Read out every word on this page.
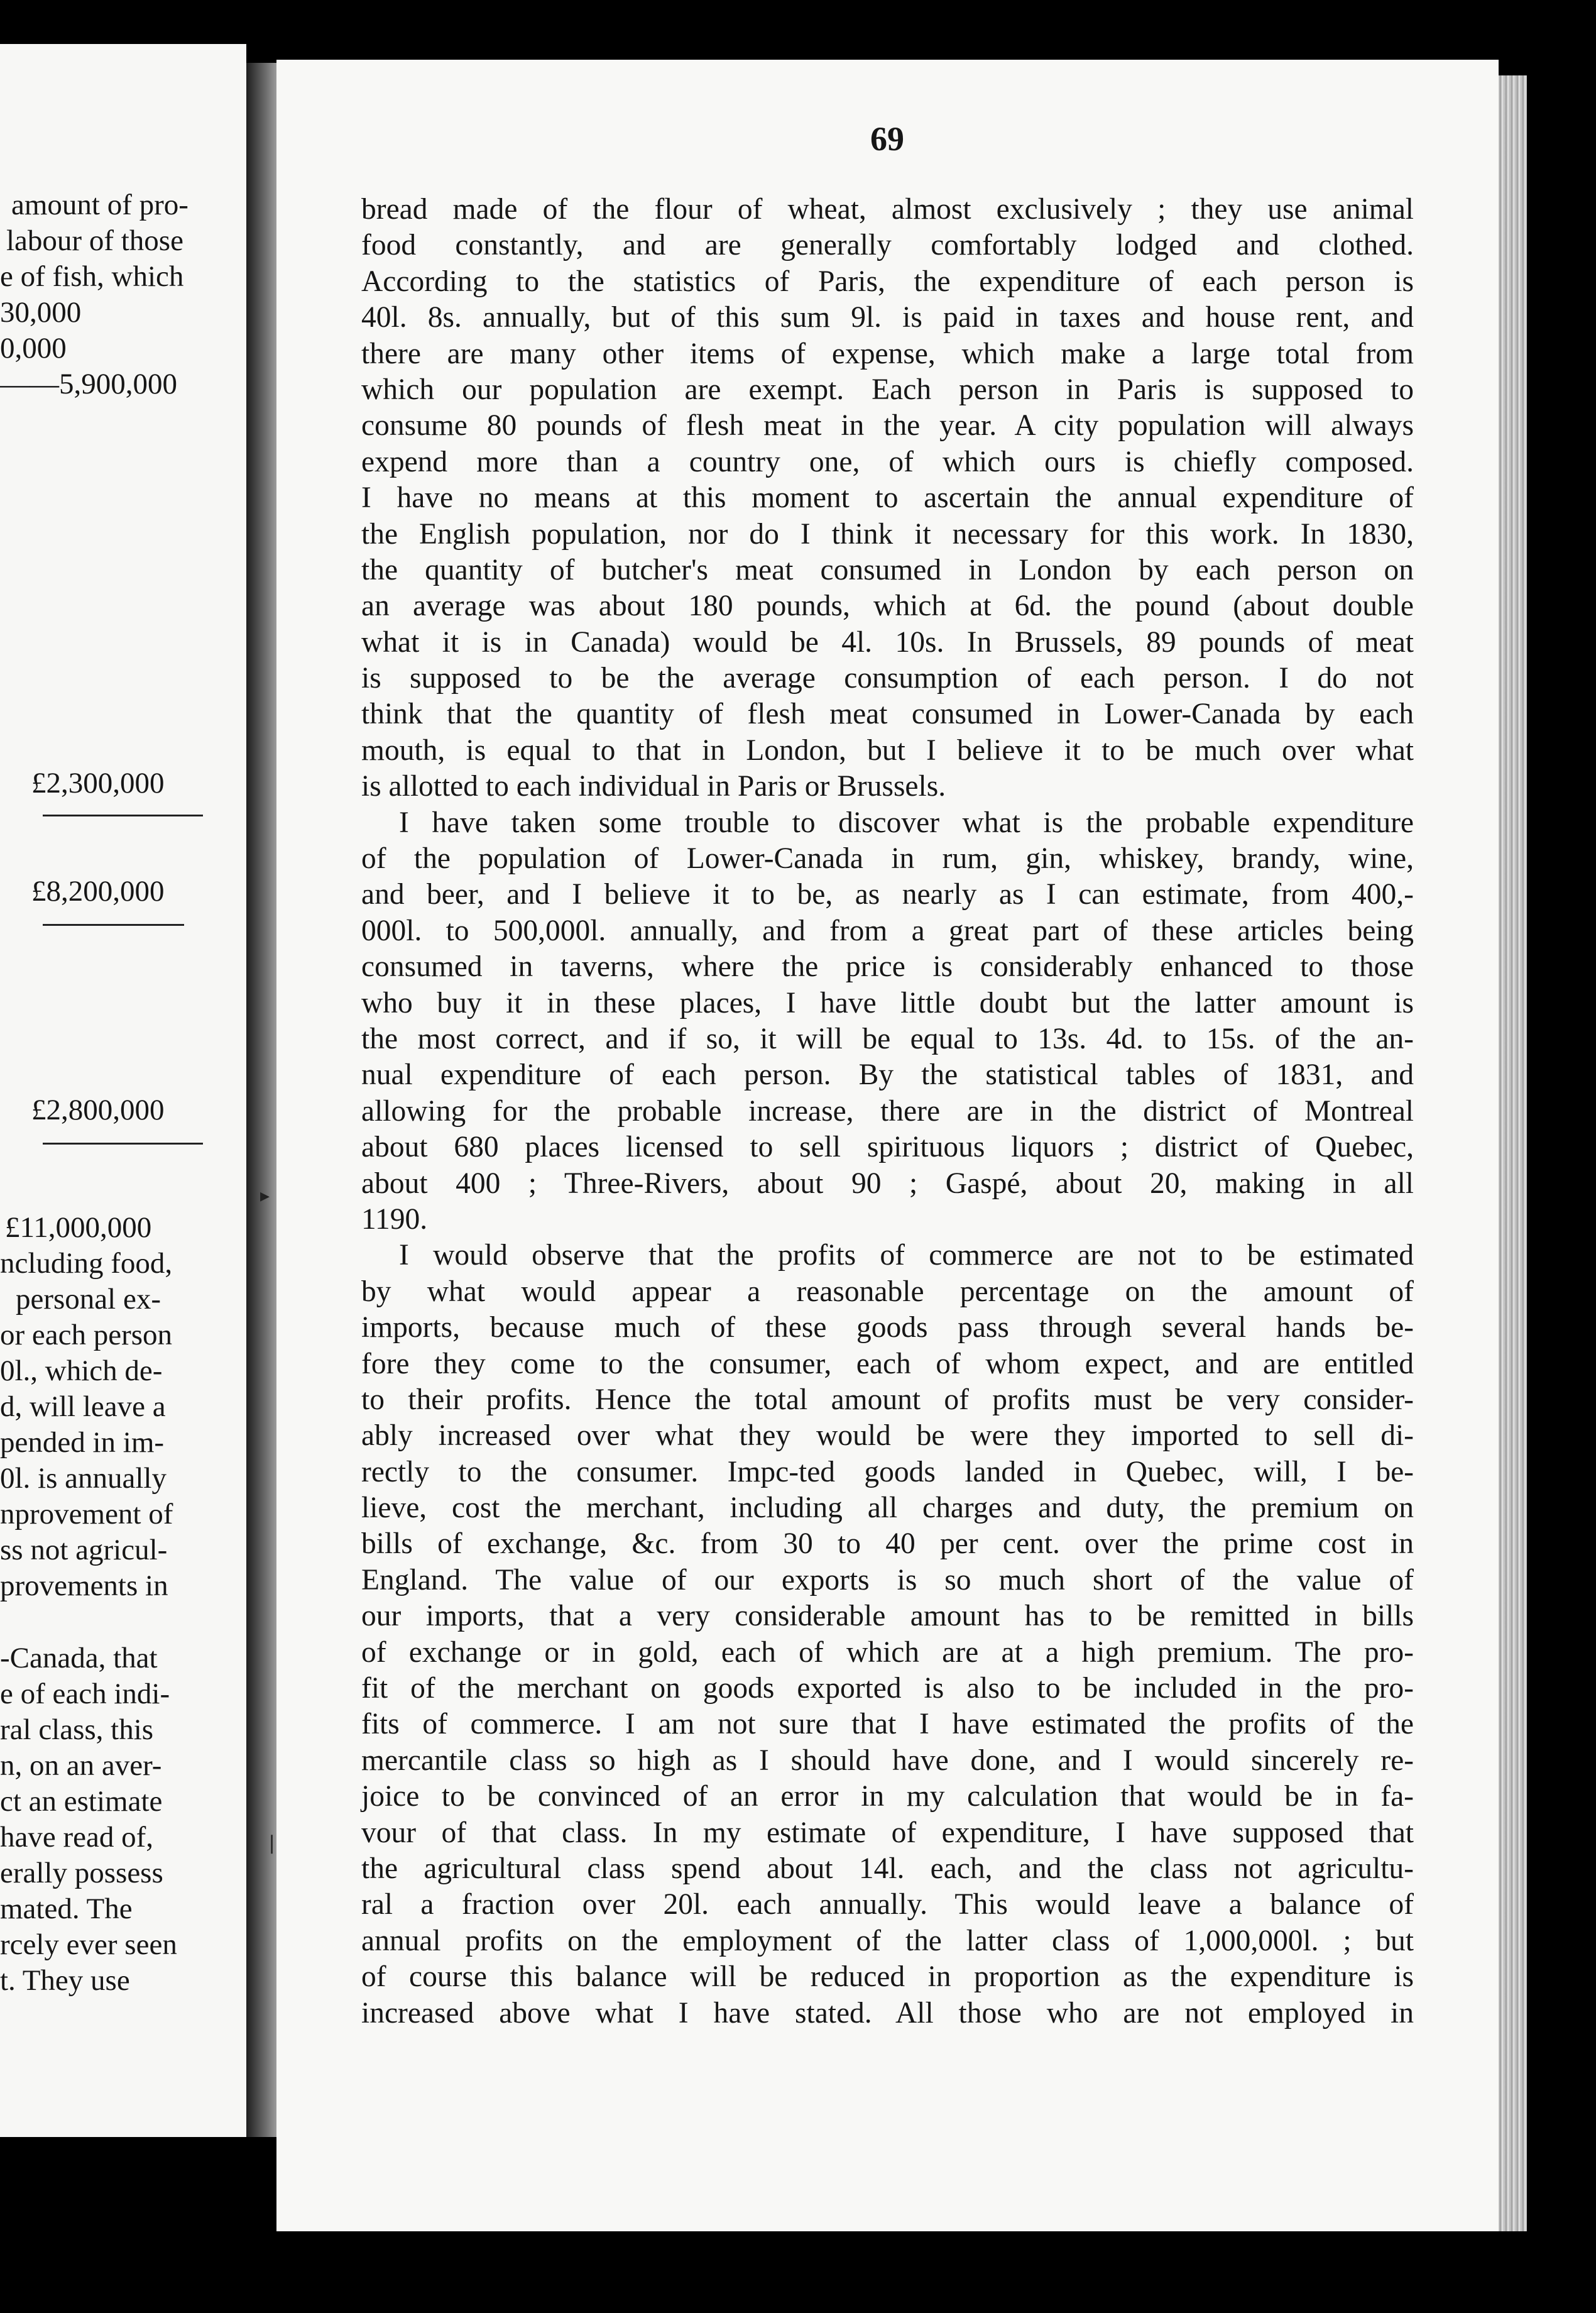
amount of pro-
labour of those
e of fish, which
30,000
0,000
——5,900,000
£2,300,000
£8,200,000
£2,800,000
£11,000,000
ncluding food,
personal ex-
or each person
0l., which de-
d, will leave a
pended in im-
0l. is annually
nprovement of
ss not agricul-
provements in
-Canada, that
e of each indi-
ral class, this
n, on an aver-
ct an estimate
have read of,
erally possess
mated. The
rcely ever seen
t. They use
69
bread made of the flour of wheat, almost exclusively ; they use animal
food constantly, and are generally comfortably lodged and clothed.
According to the statistics of Paris, the expenditure of each person is
40l. 8s. annually, but of this sum 9l. is paid in taxes and house rent, and
there are many other items of expense, which make a large total from
which our population are exempt. Each person in Paris is supposed to
consume 80 pounds of flesh meat in the year. A city population will always
expend more than a country one, of which ours is chiefly composed.
I have no means at this moment to ascertain the annual expenditure of
the English population, nor do I think it necessary for this work. In 1830,
the quantity of butcher's meat consumed in London by each person on
an average was about 180 pounds, which at 6d. the pound (about double
what it is in Canada) would be 4l. 10s. In Brussels, 89 pounds of meat
is supposed to be the average consumption of each person. I do not
think that the quantity of flesh meat consumed in Lower-Canada by each
mouth, is equal to that in London, but I believe it to be much over what
is allotted to each individual in Paris or Brussels.
I have taken some trouble to discover what is the probable expenditure
of the population of Lower-Canada in rum, gin, whiskey, brandy, wine,
and beer, and I believe it to be, as nearly as I can estimate, from 400,-
000l. to 500,000l. annually, and from a great part of these articles being
consumed in taverns, where the price is considerably enhanced to those
who buy it in these places, I have little doubt but the latter amount is
the most correct, and if so, it will be equal to 13s. 4d. to 15s. of the an-
nual expenditure of each person. By the statistical tables of 1831, and
allowing for the probable increase, there are in the district of Montreal
about 680 places licensed to sell spirituous liquors ; district of Quebec,
about 400 ; Three-Rivers, about 90 ; Gaspé, about 20, making in all
1190.
I would observe that the profits of commerce are not to be estimated
by what would appear a reasonable percentage on the amount of
imports, because much of these goods pass through several hands be-
fore they come to the consumer, each of whom expect, and are entitled
to their profits. Hence the total amount of profits must be very consider-
ably increased over what they would be were they imported to sell di-
rectly to the consumer. Impc-ted goods landed in Quebec, will, I be-
lieve, cost the merchant, including all charges and duty, the premium on
bills of exchange, &c. from 30 to 40 per cent. over the prime cost in
England. The value of our exports is so much short of the value of
our imports, that a very considerable amount has to be remitted in bills
of exchange or in gold, each of which are at a high premium. The pro-
fit of the merchant on goods exported is also to be included in the pro-
fits of commerce. I am not sure that I have estimated the profits of the
mercantile class so high as I should have done, and I would sincerely re-
joice to be convinced of an error in my calculation that would be in fa-
vour of that class. In my estimate of expenditure, I have supposed that
the agricultural class spend about 14l. each, and the class not agricultu-
ral a fraction over 20l. each annually. This would leave a balance of
annual profits on the employment of the latter class of 1,000,000l. ; but
of course this balance will be reduced in proportion as the expenditure is
increased above what I have stated. All those who are not employed in
▸
❘
